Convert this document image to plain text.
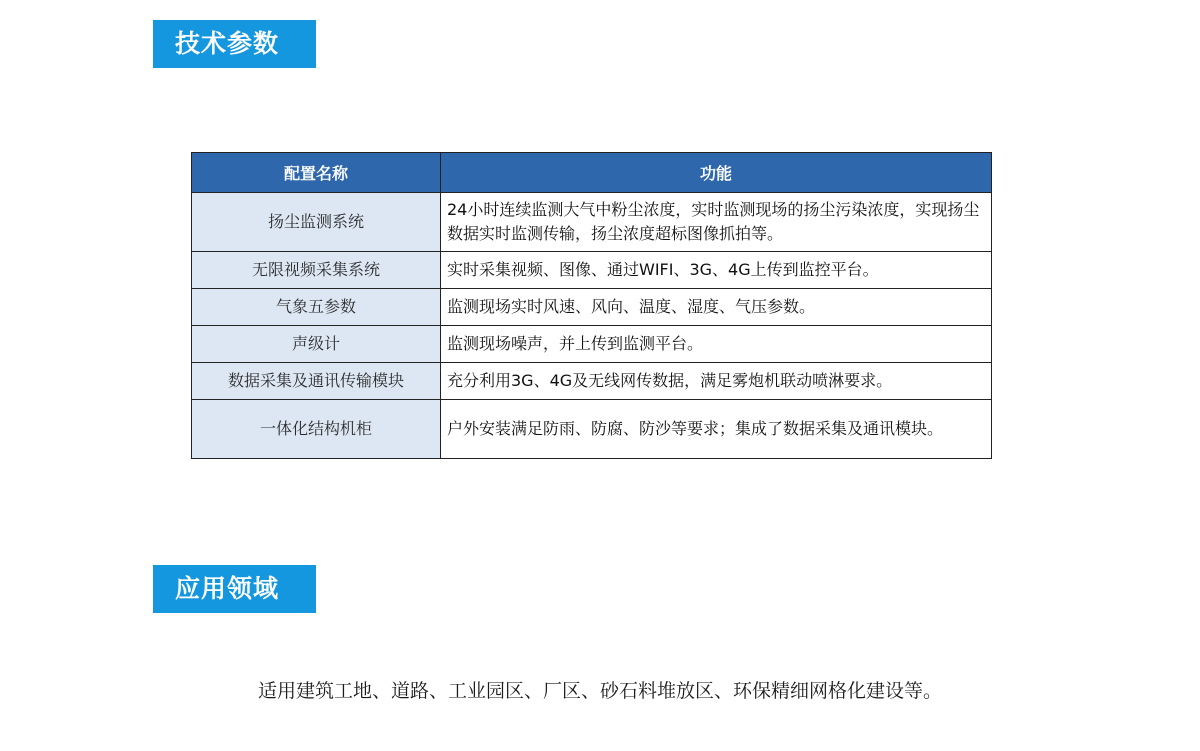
技术参数
配置名称	功能
扬尘监测系统	24小时连续监测大气中粉尘浓度，实时监测现场的扬尘污染浓度，实现扬尘数据实时监测传输，扬尘浓度超标图像抓拍等。
无限视频采集系统	实时采集视频、图像、通过WIFI、3G、4G上传到监控平台。
气象五参数	监测现场实时风速、风向、温度、湿度、气压参数。
声级计	监测现场噪声，并上传到监测平台。
数据采集及通讯传输模块	充分利用3G、4G及无线网传数据，满足雾炮机联动喷淋要求。
一体化结构机柜	户外安装满足防雨、防腐、防沙等要求；集成了数据采集及通讯模块。
应用领域
适用建筑工地、道路、工业园区、厂区、砂石料堆放区、环保精细网格化建设等。
